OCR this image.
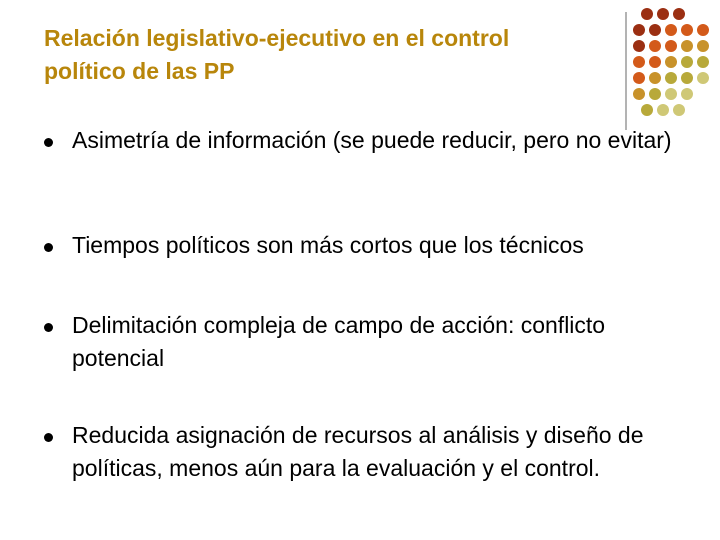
Relación legislativo-ejecutivo en el control
político de las PP
Asimetría de información (se puede reducir, pero no evitar)
Tiempos políticos son más cortos que los técnicos
Delimitación compleja de campo de acción: conflicto potencial
Reducida asignación de recursos al análisis y diseño de políticas, menos aún para la evaluación y el control.
